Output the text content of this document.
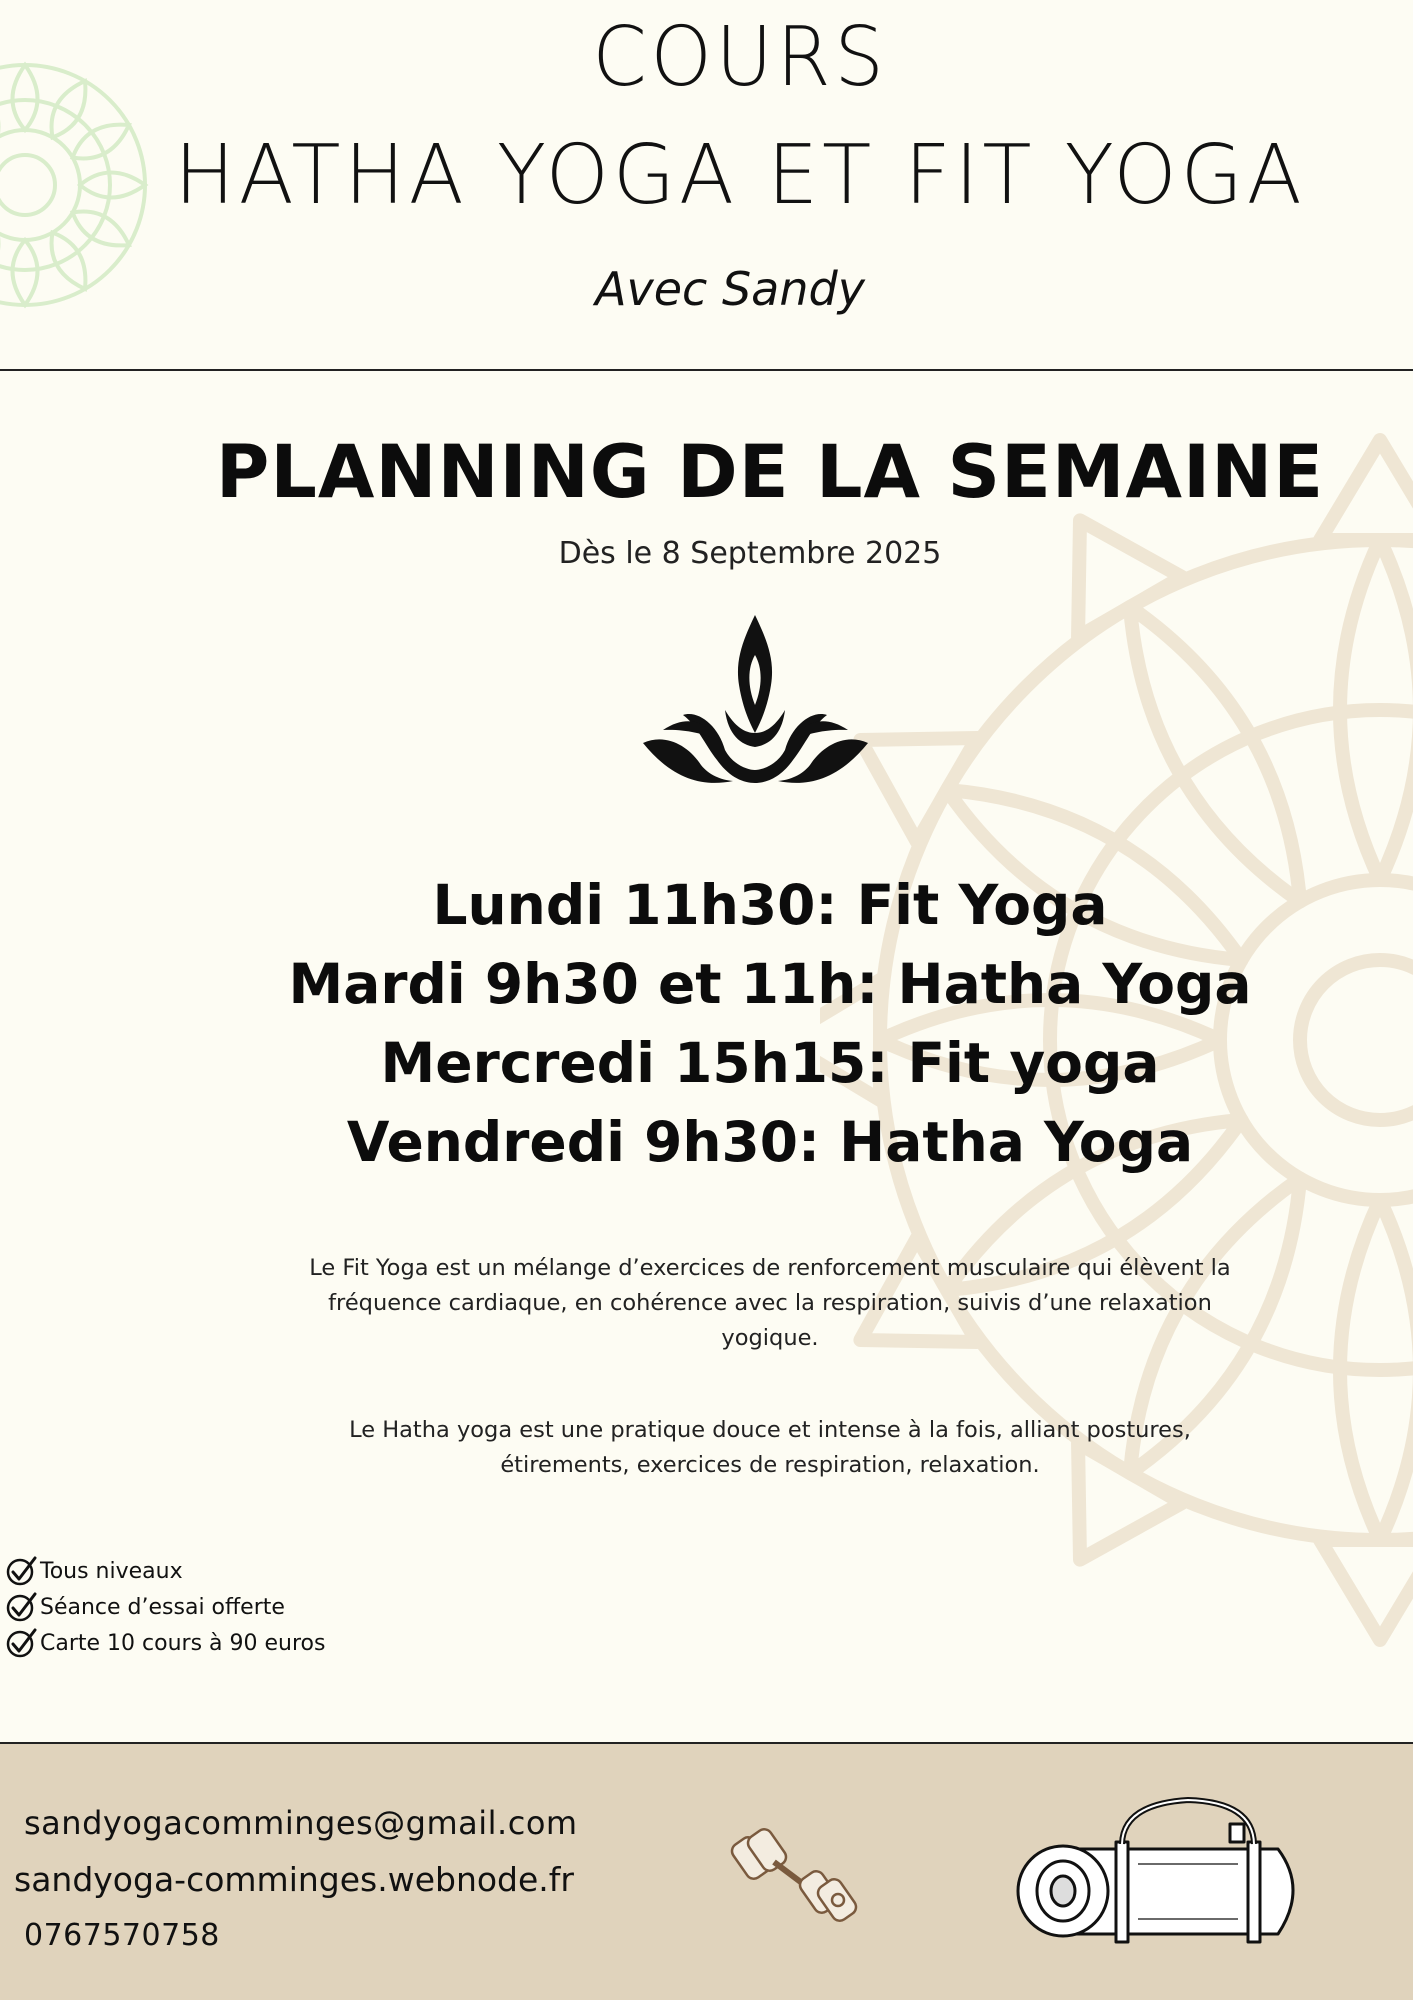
COURS
HATHA YOGA ET FIT YOGA
Avec Sandy
PLANNING DE LA SEMAINE
Dès le 8 Septembre 2025
Lundi 11h30: Fit Yoga
Mardi 9h30 et 11h: Hatha Yoga
Mercredi 15h15: Fit yoga
Vendredi 9h30: Hatha Yoga
Le Fit Yoga est un mélange d’exercices de renforcement musculaire qui élèvent la fréquence cardiaque, en cohérence avec la respiration, suivis d’une relaxation yogique.
Le Hatha yoga est une pratique douce et intense à la fois, alliant postures, étirements, exercices de respiration, relaxation.
Tous niveaux
Séance d’essai offerte
Carte 10 cours à 90 euros
sandyogacomminges@gmail.com
sandyoga-comminges.webnode.fr
0767570758
